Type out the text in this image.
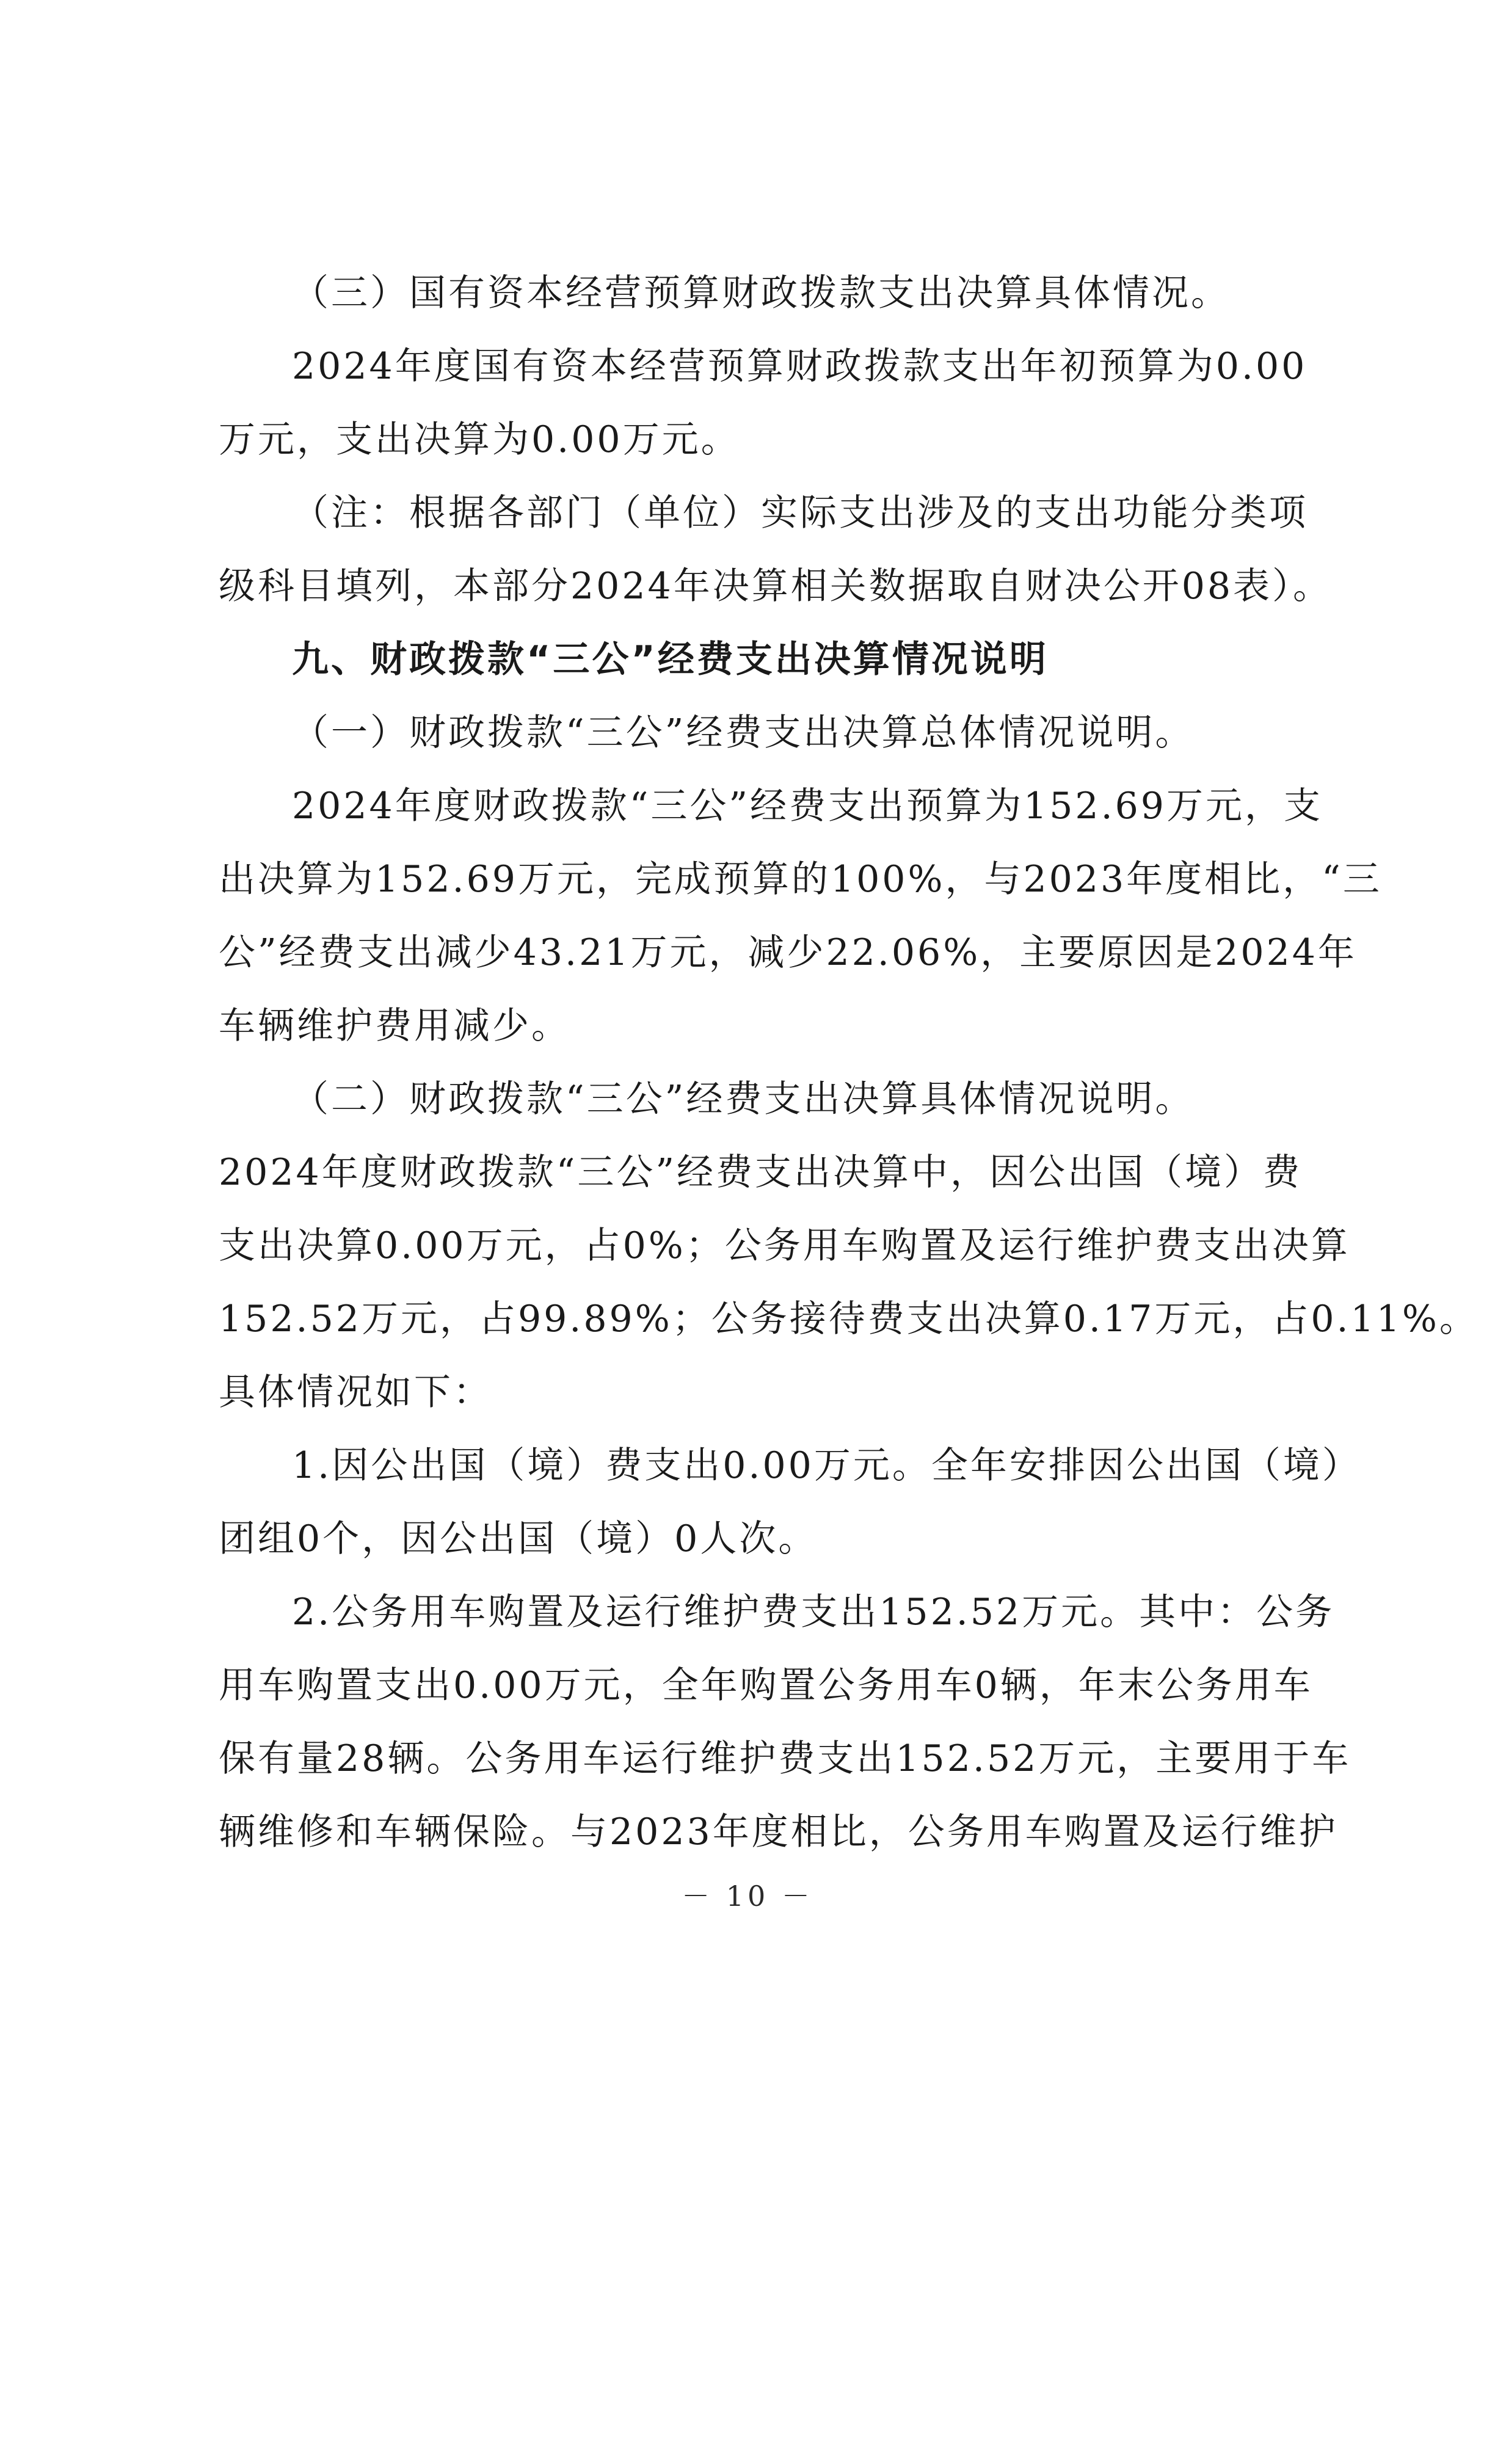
（三）国有资本经营预算财政拨款支出决算具体情况。
2024年度国有资本经营预算财政拨款支出年初预算为0.00
万元，支出决算为0.00万元。
（注：根据各部门（单位）实际支出涉及的支出功能分类项
级科目填列，本部分2024年决算相关数据取自财决公开08表）。
九、财政拨款“三公”经费支出决算情况说明
（一）财政拨款“三公”经费支出决算总体情况说明。
2024年度财政拨款“三公”经费支出预算为152.69万元，支
出决算为152.69万元，完成预算的100%，与2023年度相比，“三
公”经费支出减少43.21万元，减少22.06%，主要原因是2024年
车辆维护费用减少。
（二）财政拨款“三公”经费支出决算具体情况说明。
2024年度财政拨款“三公”经费支出决算中，因公出国（境）费
支出决算0.00万元，占0%；公务用车购置及运行维护费支出决算
152.52万元，占99.89%；公务接待费支出决算0.17万元，占0.11%。
具体情况如下：
1.因公出国（境）费支出0.00万元。全年安排因公出国（境）
团组0个，因公出国（境）0人次。
2.公务用车购置及运行维护费支出152.52万元。其中：公务
用车购置支出0.00万元，全年购置公务用车0辆，年末公务用车
保有量28辆。公务用车运行维护费支出152.52万元，主要用于车
辆维修和车辆保险。与2023年度相比，公务用车购置及运行维护
－ 10 －
